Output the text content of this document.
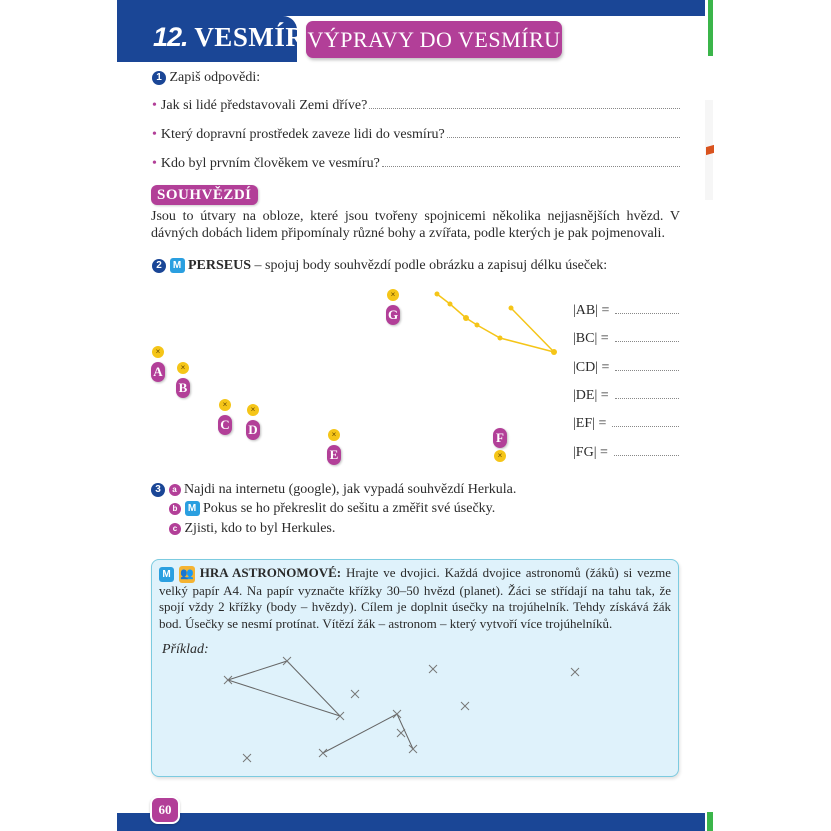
12. VESMÍR VÝPRAVY DO VESMÍRU
1 Zapiš odpovědi:
• Jak si lidé představovali Zemi dříve?
• Který dopravní prostředek zaveze lidi do vesmíru?
• Kdo byl prvním člověkem ve vesmíru?
SOUHVĚZDÍ
Jsou to útvary na obloze, které jsou tvořeny spojnicemi několika nejjasnějších hvězd. V dávných dobách lidem připomínaly různé bohy a zvířata, podle kterých je pak pojmenovali.
2 M PERSEUS – spojuj body souhvězdí podle obrázku a zapisuj délku úseček:
×
A	×
B
×
C
×
D	×
E
F
×
×
G	|AB| =
|BC| =
|CD| =
|DE| =
|EF| =
|FG| =
3 a Najdi na internetu (google), jak vypadá souhvězdí Herkula.
b M Pokus se ho překreslit do sešitu a změřit své úsečky.
c Zjisti, kdo to byl Herkules.
M 👥 HRA ASTRONOMOVÉ: Hrajte ve dvojici. Každá dvojice astronomů (žáků) si vezme velký papír A4. Na papír vyznačte křížky 30–50 hvězd (planet). Žáci se střídají na tahu tak, že spojí vždy 2 křížky (body – hvězdy). Cílem je doplnit úsečky na trojúhelník. Tehdy získává žák bod. Úsečky se nesmí protínat. Vítězí žák – astronom – který vytvoří více trojúhelníků.
Příklad:
60
